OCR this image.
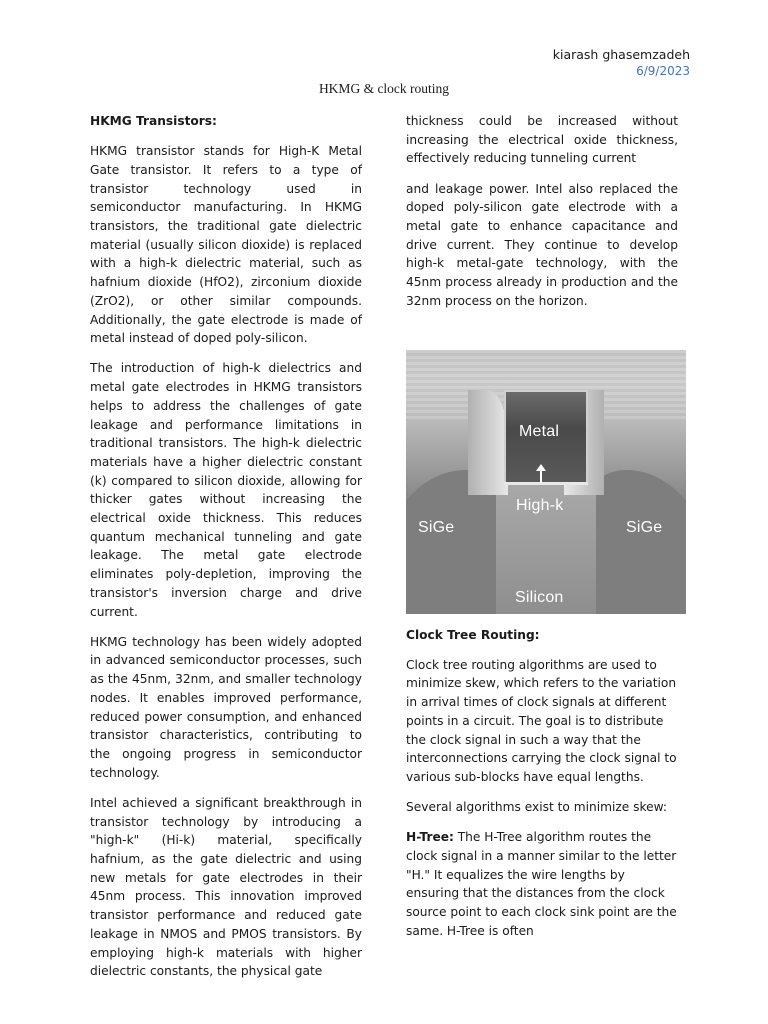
kiarash ghasemzadeh
6/9/2023
HKMG & clock routing
HKMG Transistors:

HKMG transistor stands for High-K Metal Gate transistor. It refers to a type of transistor technology used in semiconductor manufacturing. In HKMG transistors, the traditional gate dielectric material (usually silicon dioxide) is replaced with a high-k dielectric material, such as hafnium dioxide (HfO2), zirconium dioxide (ZrO2), or other similar compounds. Additionally, the gate electrode is made of metal instead of doped poly-silicon.

The introduction of high-k dielectrics and metal gate electrodes in HKMG transistors helps to address the challenges of gate leakage and performance limitations in traditional transistors. The high-k dielectric materials have a higher dielectric constant (k) compared to silicon dioxide, allowing for thicker gates without increasing the electrical oxide thickness. This reduces quantum mechanical tunneling and gate leakage. The metal gate electrode eliminates poly-depletion, improving the transistor's inversion charge and drive current.

HKMG technology has been widely adopted in advanced semiconductor processes, such as the 45nm, 32nm, and smaller technology nodes. It enables improved performance, reduced power consumption, and enhanced transistor characteristics, contributing to the ongoing progress in semiconductor technology.

Intel achieved a significant breakthrough in transistor technology by introducing a "high-k" (Hi-k) material, specifically hafnium, as the gate dielectric and using new metals for gate electrodes in their 45nm process. This innovation improved transistor performance and reduced gate leakage in NMOS and PMOS transistors. By employing high-k materials with higher dielectric constants, the physical gate

thickness could be increased without increasing the electrical oxide thickness, effectively reducing tunneling current

and leakage power. Intel also replaced the doped poly-silicon gate electrode with a metal gate to enhance capacitance and drive current. They continue to develop high-k metal-gate technology, with the 45nm process already in production and the 32nm process on the horizon.

Metal
High-k
SiGe	SiGe
Silicon
Clock Tree Routing:

Clock tree routing algorithms are used to minimize skew, which refers to the variation in arrival times of clock signals at different points in a circuit. The goal is to distribute the clock signal in such a way that the interconnections carrying the clock signal to various sub-blocks have equal lengths.

Several algorithms exist to minimize skew:

H-Tree: The H-Tree algorithm routes the clock signal in a manner similar to the letter "H." It equalizes the wire lengths by ensuring that the distances from the clock source point to each clock sink point are the same. H-Tree is often
